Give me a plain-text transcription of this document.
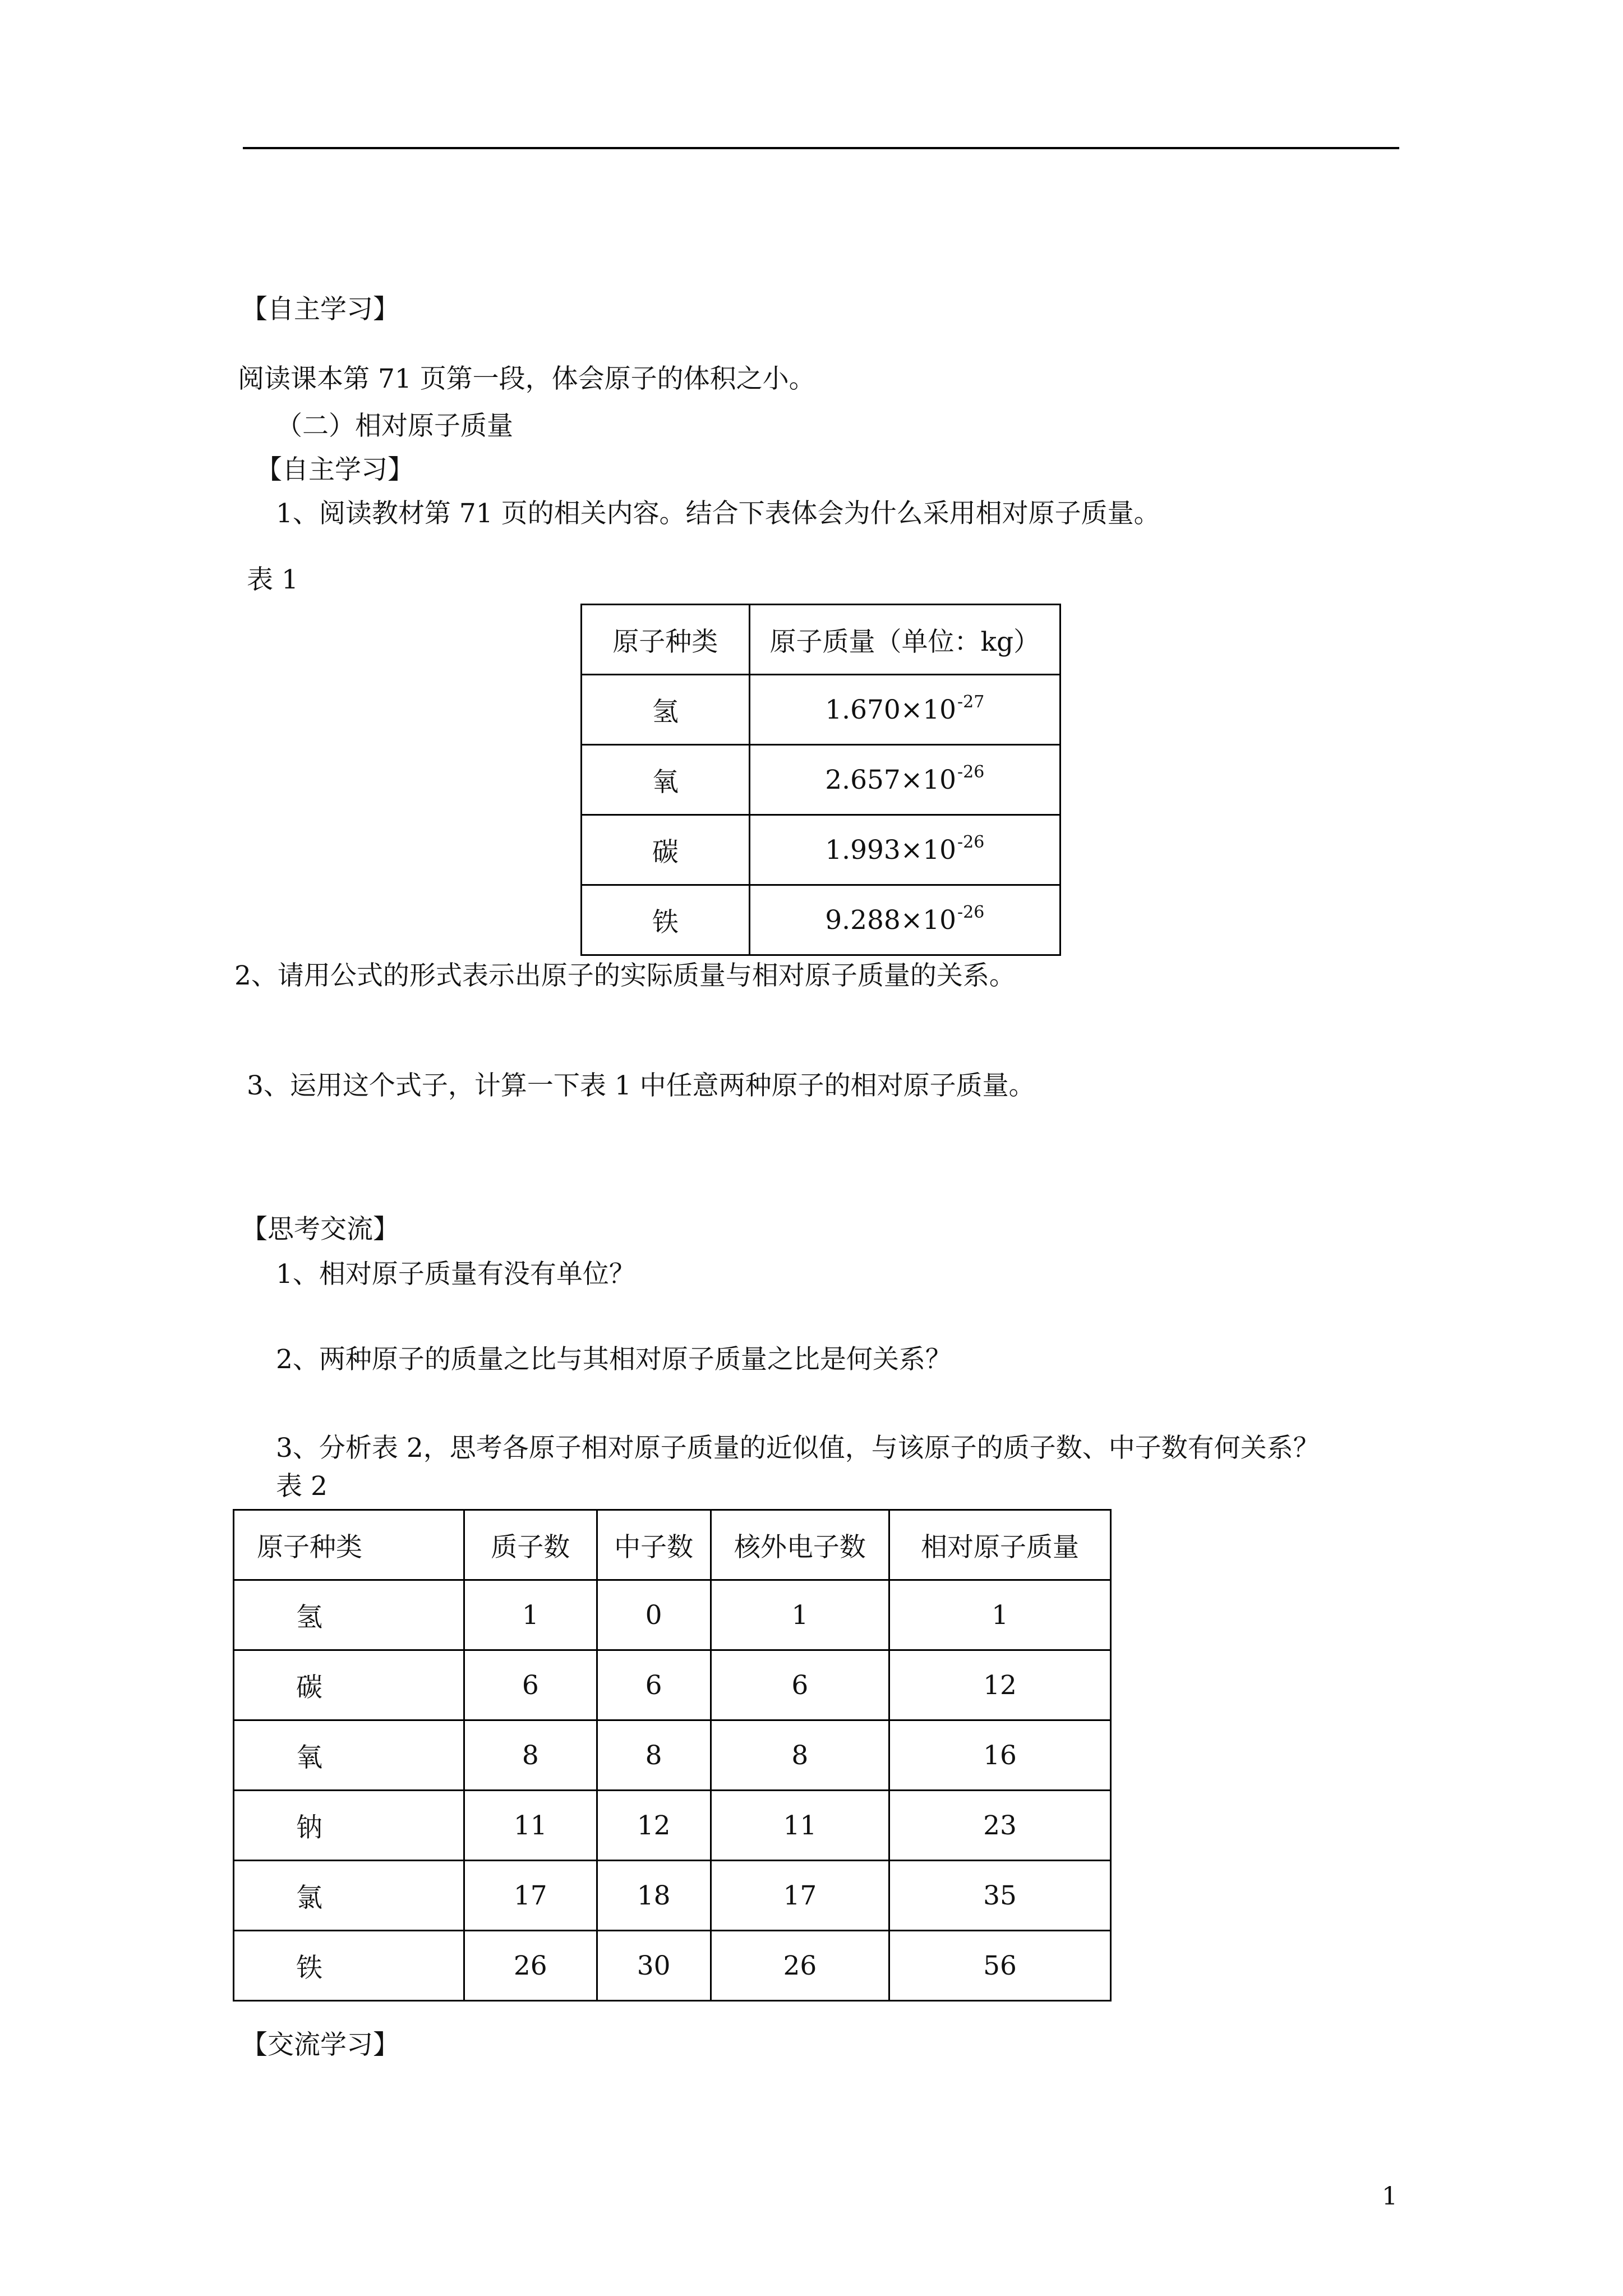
【自主学习】
阅读课本第 71 页第一段，体会原子的体积之小。
（二）相对原子质量
【自主学习】
1、阅读教材第 71 页的相关内容。结合下表体会为什么采用相对原子质量。
表 1
原子种类	原子质量（单位：kg）
氢	$1.670\times 10^{-27}$
氧	$2.657\times 10^{-26}$
碳	$1.993\times 10^{-26}$
铁	$9.288\times 10^{-26}$
2、请用公式的形式表示出原子的实际质量与相对原子质量的关系。
3、运用这个式子，计算一下表 1 中任意两种原子的相对原子质量。
【思考交流】
1、相对原子质量有没有单位？
2、两种原子的质量之比与其相对原子质量之比是何关系？
3、分析表 2，思考各原子相对原子质量的近似值，与该原子的质子数、中子数有何关系？
表 2
原子种类	质子数	中子数	核外电子数	相对原子质量
氢	1	0	1	1
碳	6	6	6	12
氧	8	8	8	16
钠	11	12	11	23
氯	17	18	17	35
铁	26	30	26	56
【交流学习】
1
